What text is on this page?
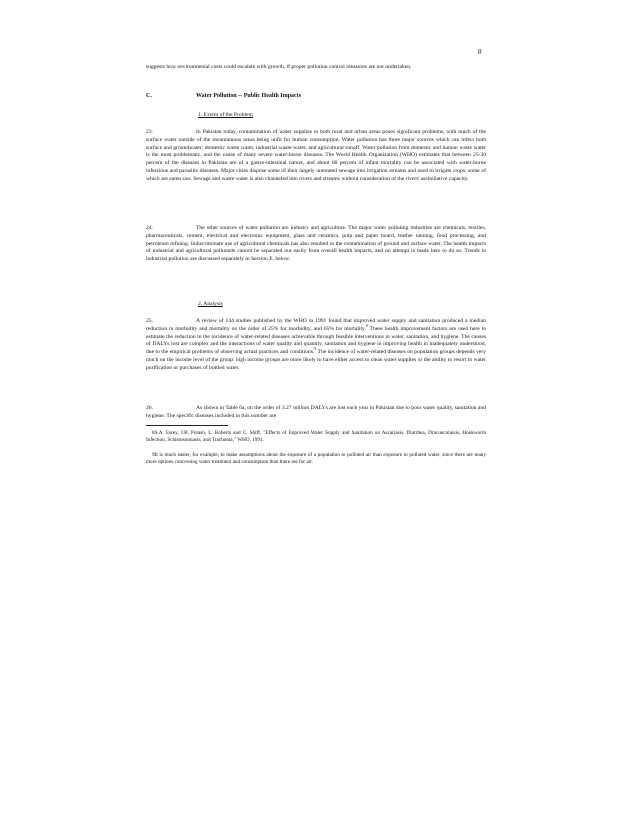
8
suggests how environmental costs could escalate with growth, if proper pollution control measures are not undertaken.
C.	Water Pollution -- Public Health Impacts
1. Extent of the Problem
23.	In Pakistan today, contamination of water supplies in both rural and urban areas poses significant problems, with much of the surface water outside of the mountainous areas being unfit for human consumption. Water pollution has three major sources which can infect both surface and groundwater: domestic waste water, industrial waste-water, and agricultural runoff. Water pollution from domestic and human waste water is the most problematic, and the cause of many severe water-borne diseases. The World Health Organization (WHO) estimates that between 25-30 percent of the diseases in Pakistan are of a gastro-intestinal nature, and about 60 percent of infant mortality can be associated with water-borne infectious and parasitic diseases. Major cities dispose some of their largely untreated sewage into irrigation streams and used to irrigate crops, some of which are eaten raw. Sewage and waste water is also channeled into rivers and streams without consideration of the rivers' assimilative capacity.
24.	The other sources of water pollution are industry and agriculture. The major water polluting industries are chemicals, textiles, pharmaceuticals, cement, electrical and electronic equipment, glass and ceramics, pulp and paper board, leather tanning, food processing, and petroleum refining. Indiscriminate use of agricultural chemicals has also resulted in the contamination of ground and surface water. The health impacts of industrial and agricultural pollutants cannot be separated out easily from overall health impacts, and no attempt is made here to do so. Trends in industrial pollution are discussed separately in Section E, below.
2. Analysis
25.	A review of 144 studies published by the WHO in 1991 found that improved water supply and sanitation produced a median reduction in morbidity and mortality on the order of 25% for morbidity, and 65% for mortality.$^8$ These health improvement factors are used here to estimate the reduction in the incidence of water-related diseases achievable through feasible interventions in water, sanitation, and hygiene. The causes of DALYs lost are complex and the interactions of water quality and quantity, sanitation and hygiene in improving health in inadequately understood, due to the empirical problems of observing actual practices and conditions.$^9$ The incidence of water-related diseases on population groups depends very much on the income level of the group: high income groups are more likely to have either access to clean water supplies or the ability to resort to water purification or purchases of bottled water.
26.	As shown in Table 6a, on the order of 3.27 million DALYs are lost each year in Pakistan due to poor water quality, sanitation and hygiene. The specific diseases included in this number are
8S.A. Esrey, J.B. Potash, L. Roberts and C. Shiff, "Effects of Improved Water Supply and Sanitation on Ascariasis, Diarrhea, Dracunculaisis, Hookworm Infection, Schistosomiasis, and Trachoma," WHO, 1991.
9It is much easier, for example, to make assumptions about the exposure of a population to polluted air than exposure to polluted water, since there are many more options concerning water treatment and consumption than there are for air.
